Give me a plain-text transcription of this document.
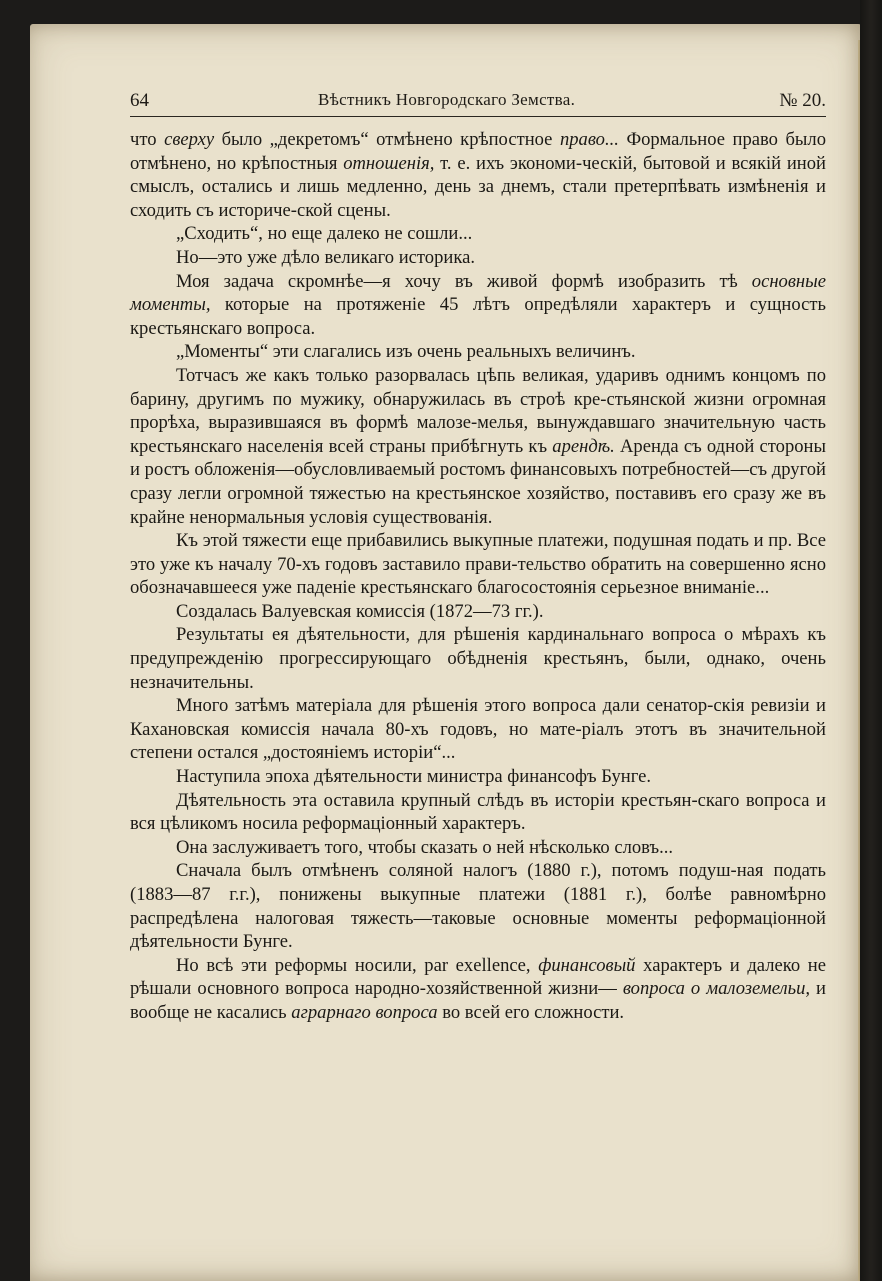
64	Вѣстникъ Новгородскаго Земства.	№ 20.

что сверху было „декретомъ“ отмѣнено крѣпостное право... Формальное право было отмѣнено, но крѣпостныя отношенія, т. е. ихъ экономи-ческій, бытовой и всякій иной смыслъ, остались и лишь медленно, день за днемъ, стали претерпѣвать измѣненія и сходить съ историче-ской сцены.

„Сходить“, но еще далеко не сошли...

Но—это уже дѣло великаго историка.

Моя задача скромнѣе—я хочу въ живой формѣ изобразить тѣ основные моменты, которые на протяженіе 45 лѣтъ опредѣляли характеръ и сущность крестьянскаго вопроса.

„Моменты“ эти слагались изъ очень реальныхъ величинъ.

Тотчасъ же какъ только разорвалась цѣпь великая, ударивъ однимъ концомъ по барину, другимъ по мужику, обнаружилась въ строѣ кре-стьянской жизни огромная прорѣха, выразившаяся въ формѣ малозе-мелья, вынуждавшаго значительную часть крестьянскаго населенія всей страны прибѣгнуть къ арендѣ. Аренда съ одной стороны и ростъ обложенія—обусловливаемый ростомъ финансовыхъ потребностей—съ другой сразу легли огромной тяжестью на крестьянское хозяйство, поставивъ его сразу же въ крайне ненормальныя условія существованія.

Къ этой тяжести еще прибавились выкупные платежи, подушная подать и пр. Все это уже къ началу 70-хъ годовъ заставило прави-тельство обратить на совершенно ясно обозначавшееся уже паденіе крестьянскаго благосостоянія серьезное вниманіе...

Создалась Валуевская комиссія (1872—73 гг.).

Результаты ея дѣятельности, для рѣшенія кардинальнаго вопроса о мѣрахъ къ предупрежденію прогрессирующаго обѣдненія крестьянъ, были, однако, очень незначительны.

Много затѣмъ матеріала для рѣшенія этого вопроса дали сенатор-скія ревизіи и Кахановская комиссія начала 80-хъ годовъ, но мате-ріалъ этотъ въ значительной степени остался „достояніемъ исторіи“...

Наступила эпоха дѣятельности министра финансофъ Бунге.

Дѣятельность эта оставила крупный слѣдъ въ исторіи крестьян-скаго вопроса и вся цѣликомъ носила реформаціонный характеръ.

Она заслуживаетъ того, чтобы сказать о ней нѣсколько словъ...

Сначала былъ отмѣненъ соляной налогъ (1880 г.), потомъ подуш-ная подать (1883—87 г.г.), понижены выкупные платежи (1881 г.), болѣе равномѣрно распредѣлена налоговая тяжесть—таковые основные моменты реформаціонной дѣятельности Бунге.

Но всѣ эти реформы носили, par exellence, финансовый характеръ и далеко не рѣшали основного вопроса народно-хозяйственной жизни— вопроса о малоземельи, и вообще не касались аграрнаго вопроса во всей его сложности.
